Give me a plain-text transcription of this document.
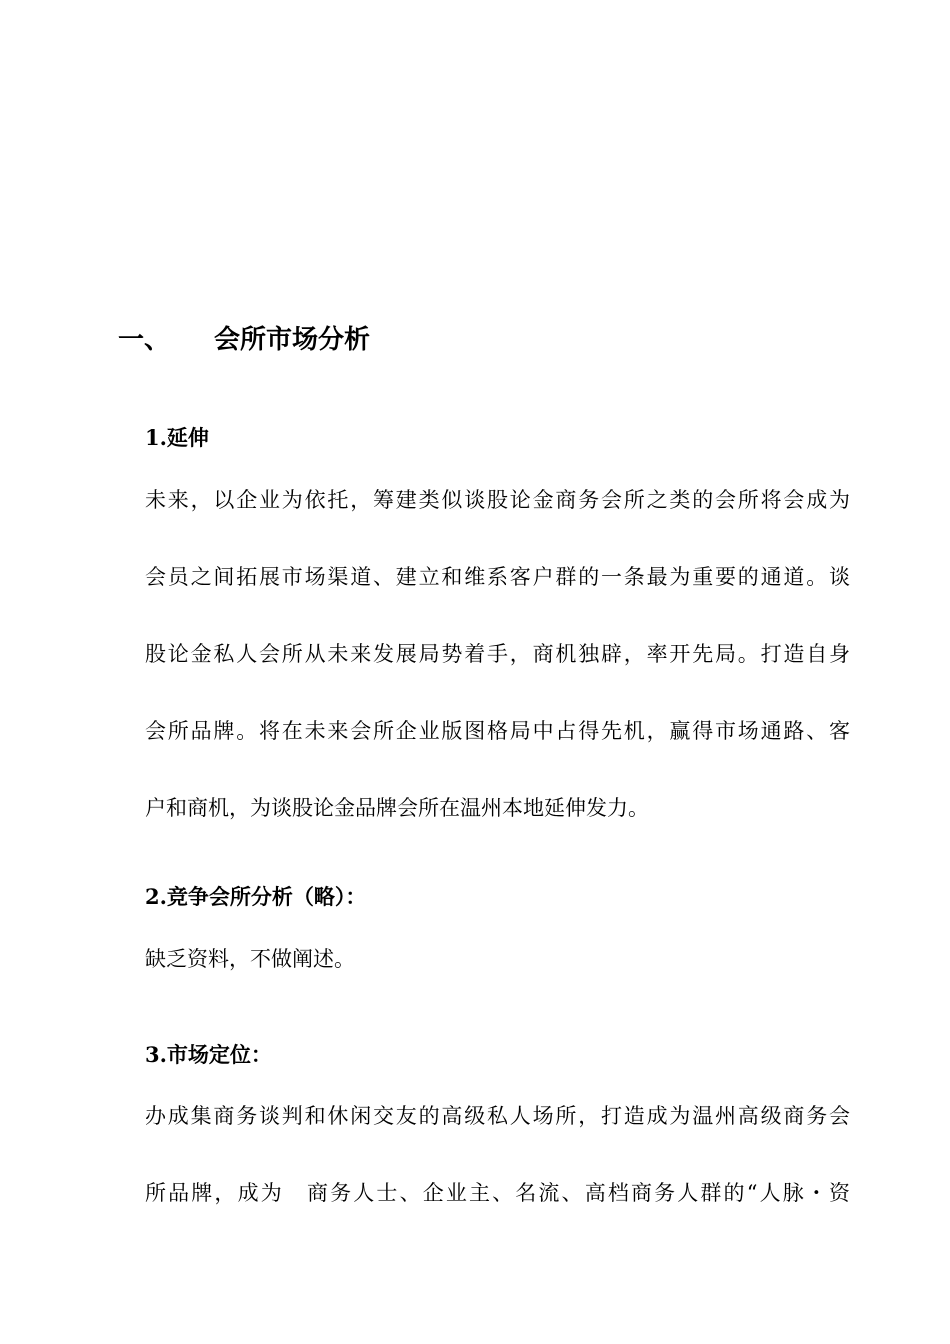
一、 会所市场分析
1.延伸
未来，以企业为依托，筹建类似谈股论金商务会所之类的会所将会成为
会员之间拓展市场渠道、建立和维系客户群的一条最为重要的通道。谈
股论金私人会所从未来发展局势着手，商机独辟，率开先局。打造自身
会所品牌。将在未来会所企业版图格局中占得先机，赢得市场通路、客
户和商机，为谈股论金品牌会所在温州本地延伸发力。
2.竞争会所分析（略）：
缺乏资料，不做阐述。
3.市场定位：
办成集商务谈判和休闲交友的高级私人场所，打造成为温州高级商务会
所品牌，成为　商务人士、企业主、名流、高档商务人群的“人脉・资
